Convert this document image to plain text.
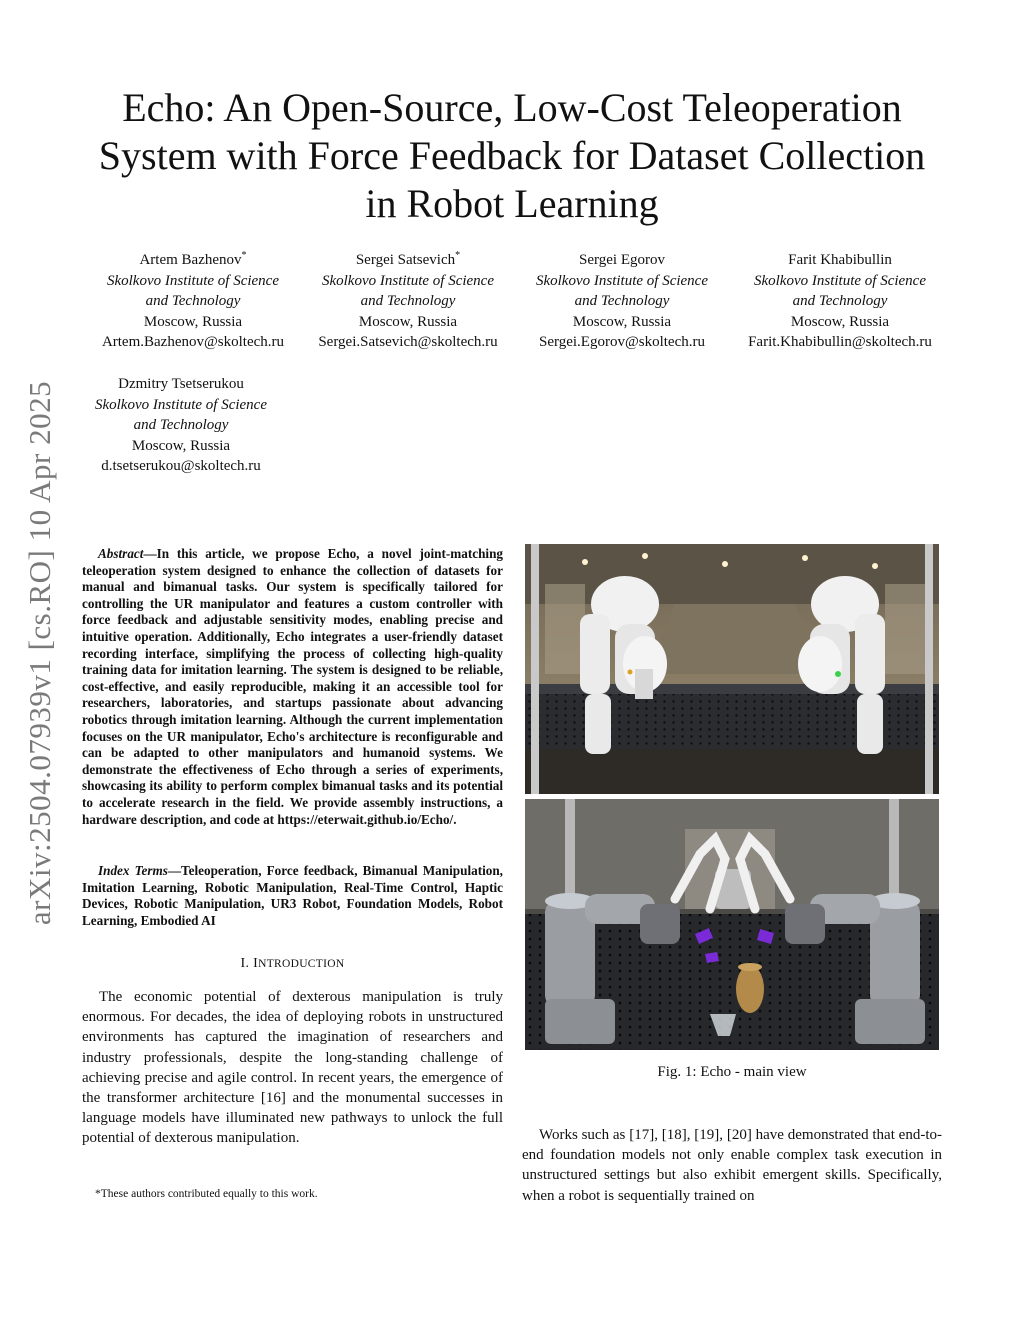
arXiv:2504.07939v1 [cs.RO] 10 Apr 2025
Echo: An Open-Source, Low-Cost Teleoperation
System with Force Feedback for Dataset Collection
in Robot Learning
Artem Bazhenov*
Skolkovo Institute of Science
and Technology
Moscow, Russia
Artem.Bazhenov@skoltech.ru
Sergei Satsevich*
Skolkovo Institute of Science
and Technology
Moscow, Russia
Sergei.Satsevich@skoltech.ru
Sergei Egorov
Skolkovo Institute of Science
and Technology
Moscow, Russia
Sergei.Egorov@skoltech.ru
Farit Khabibullin
Skolkovo Institute of Science
and Technology
Moscow, Russia
Farit.Khabibullin@skoltech.ru
Dzmitry Tsetserukou
Skolkovo Institute of Science
and Technology
Moscow, Russia
d.tsetserukou@skoltech.ru

Abstract—In this article, we propose Echo, a novel joint-matching teleoperation system designed to enhance the collection of datasets for manual and bimanual tasks. Our system is specifically tailored for controlling the UR manipulator and features a custom controller with force feedback and adjustable sensitivity modes, enabling precise and intuitive operation. Additionally, Echo integrates a user-friendly dataset recording interface, simplifying the process of collecting high-quality training data for imitation learning. The system is designed to be reliable, cost-effective, and easily reproducible, making it an accessible tool for researchers, laboratories, and startups passionate about advancing robotics through imitation learning. Although the current implementation focuses on the UR manipulator, Echo's architecture is reconfigurable and can be adapted to other manipulators and humanoid systems. We demonstrate the effectiveness of Echo through a series of experiments, showcasing its ability to perform complex bimanual tasks and its potential to accelerate research in the field. We provide assembly instructions, a hardware description, and code at https://eterwait.github.io/Echo/.

Index Terms—Teleoperation, Force feedback, Bimanual Manipulation, Imitation Learning, Robotic Manipulation, Real-Time Control, Haptic Devices, Robotic Manipulation, UR3 Robot, Foundation Models, Robot Learning, Embodied AI
I. INTRODUCTION

The economic potential of dexterous manipulation is truly enormous. For decades, the idea of deploying robots in unstructured environments has captured the imagination of researchers and industry professionals, despite the long-standing challenge of achieving precise and agile control. In recent years, the emergence of the transformer architecture [16] and the monumental successes in language models have illuminated new pathways to unlock the full potential of dexterous manipulation.

*These authors contributed equally to this work.
Fig. 1: Echo - main view

Works such as [17], [18], [19], [20] have demonstrated that end-to-end foundation models not only enable complex task execution in unstructured settings but also exhibit emergent skills. Specifically, when a robot is sequentially trained on
